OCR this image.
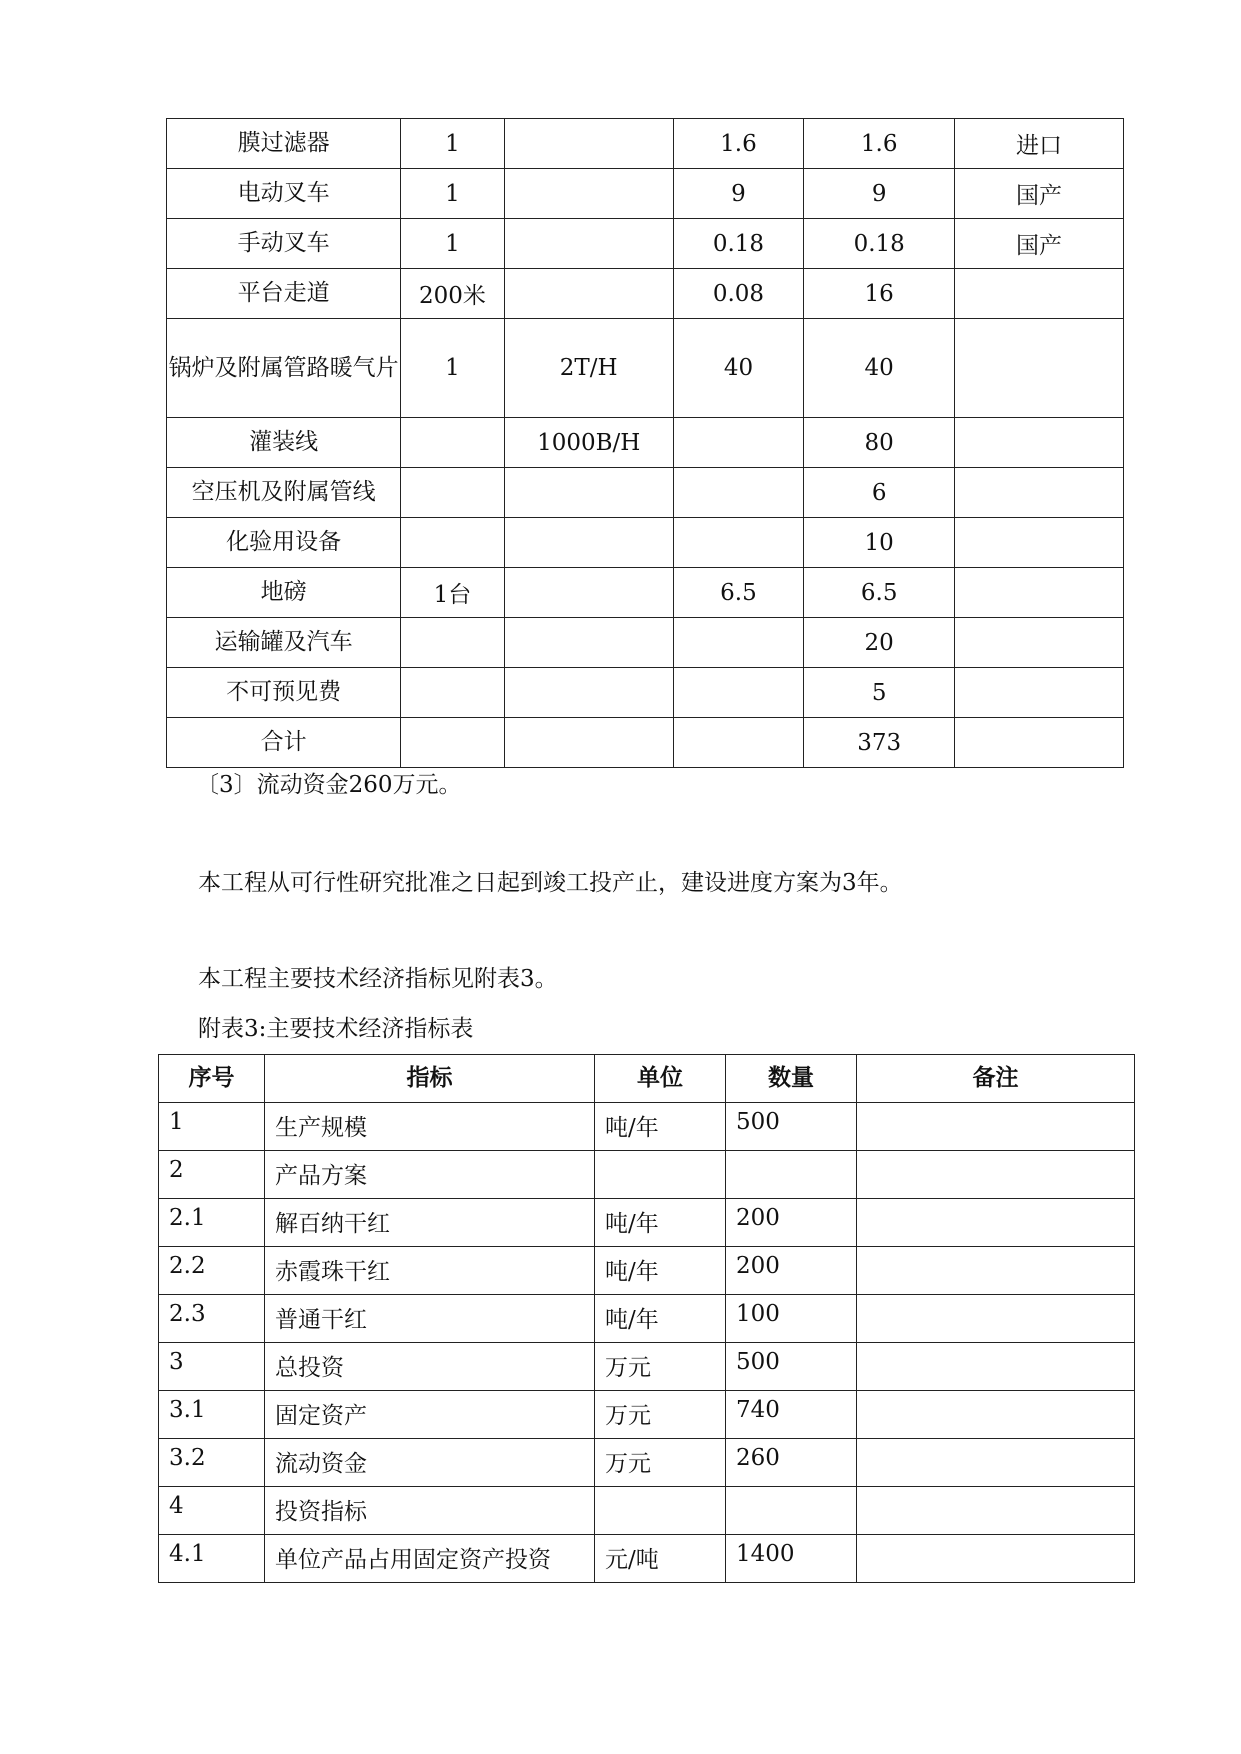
膜过滤器	1		1.6	1.6	进口
电动叉车	1		9	9	国产
手动叉车	1		0.18	0.18	国产
平台走道	200米		0.08	16	
锅炉及附属管路暖气片	1	2T/H	40	40	
灌装线		1000B/H		80	
空压机及附属管线				6	
化验用设备				10	
地磅	1台		6.5	6.5	
运输罐及汽车				20	
不可预见费				5	
合计				373	

〔3〕流动资金260万元。

本工程从可行性研究批准之日起到竣工投产止，建设进度方案为3年。

本工程主要技术经济指标见附表3。

附表3:主要技术经济指标表

序号	指标	单位	数量	备注
1	生产规模	吨/年	500	
2	产品方案			
2.1	解百纳干红	吨/年	200	
2.2	赤霞珠干红	吨/年	200	
2.3	普通干红	吨/年	100	
3	总投资	万元	500	
3.1	固定资产	万元	740	
3.2	流动资金	万元	260	
4	投资指标			
4.1	单位产品占用固定资产投资	元/吨	1400	
